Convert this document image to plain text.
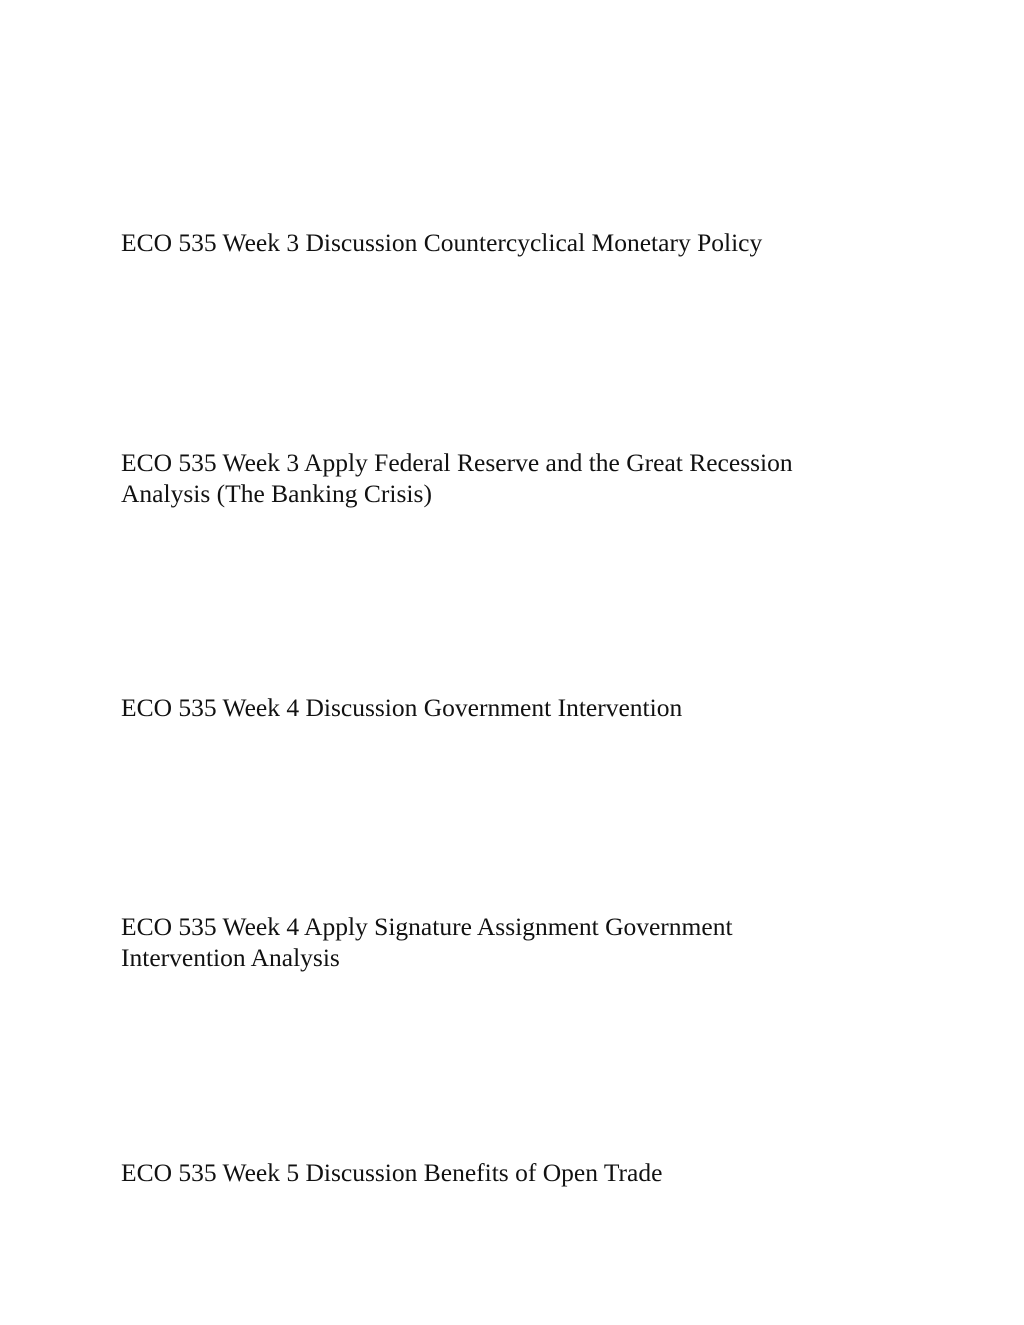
ECO 535 Week 3 Discussion Countercyclical Monetary Policy

ECO 535 Week 3 Apply Federal Reserve and the Great Recession
Analysis (The Banking Crisis)

ECO 535 Week 4 Discussion Government Intervention

ECO 535 Week 4 Apply Signature Assignment Government
Intervention Analysis

ECO 535 Week 5 Discussion Benefits of Open Trade
